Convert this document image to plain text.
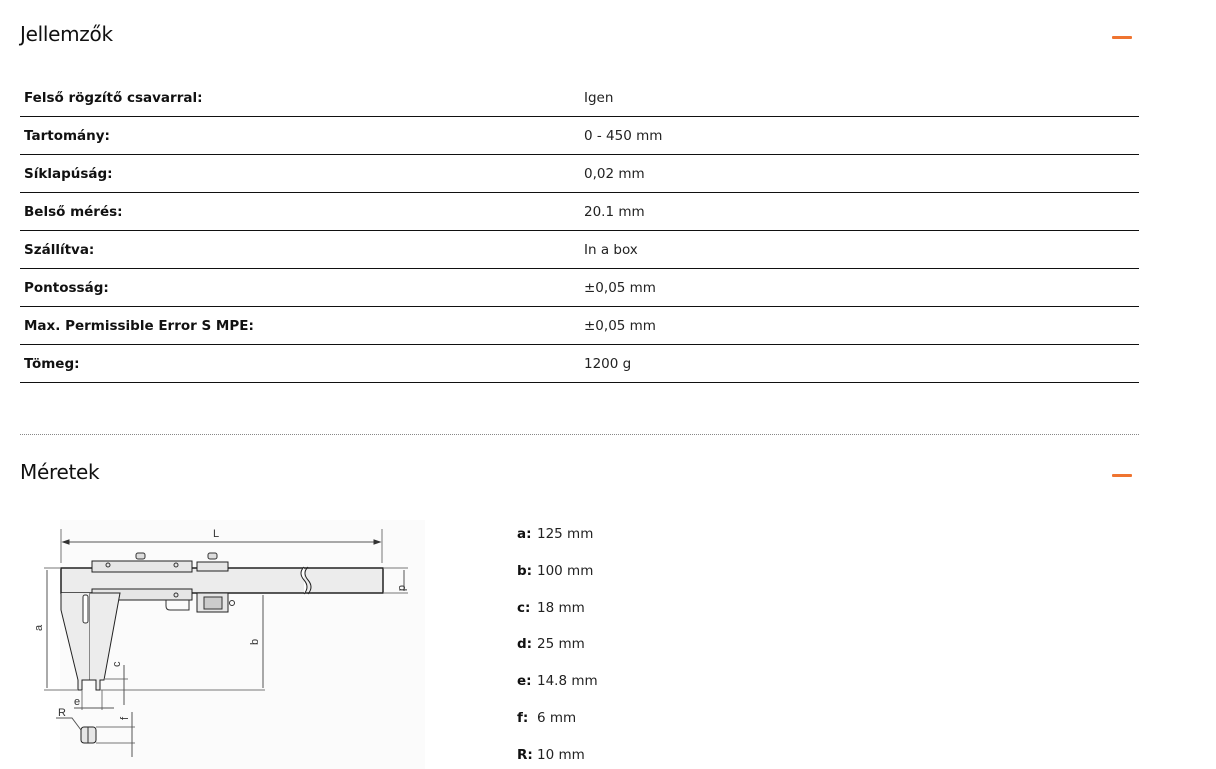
Jellemzők
Felső rögzítő csavarral:	Igen
Tartomány:	0 - 450 mm
Síklapúság:	0,02 mm
Belső mérés:	20.1 mm
Szállítva:	In a box
Pontosság:	±0,05 mm
Max. Permissible Error S MPE:	±0,05 mm
Tömeg:	1200 g
Méretek
L
a
b
c
d
e
f
R
a: 125 mm
b: 100 mm
c: 18 mm
d: 25 mm
e: 14.8 mm
f: 6 mm
R: 10 mm
